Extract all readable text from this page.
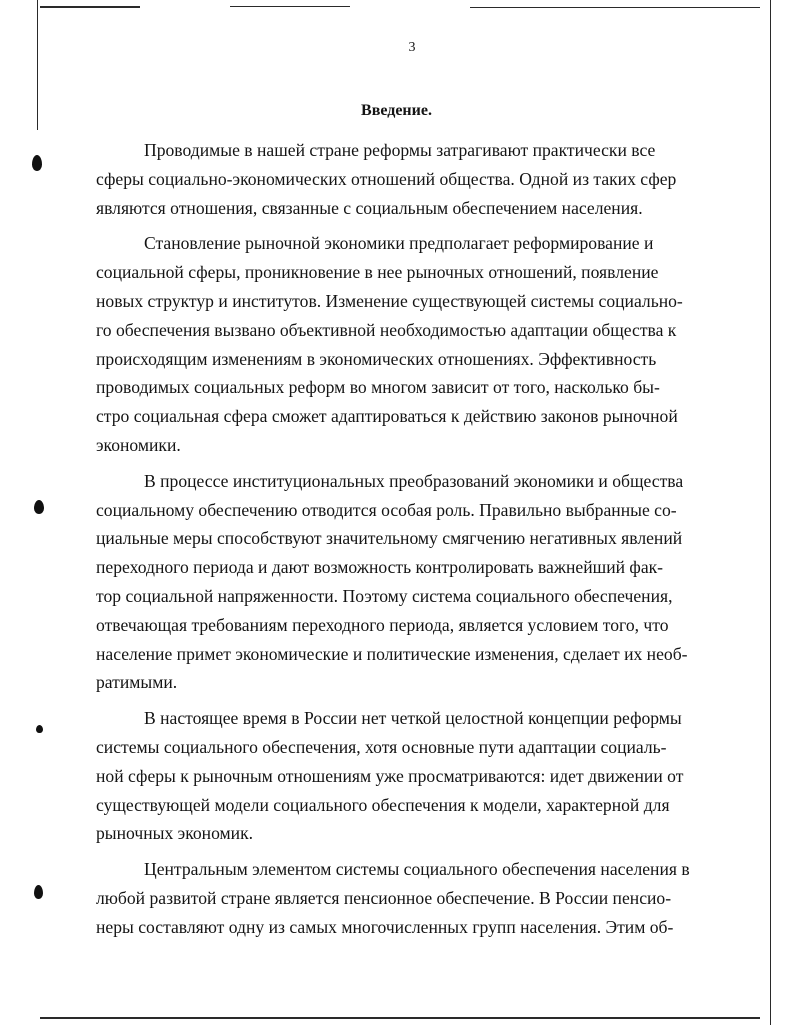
3
Введение.
Проводимые в нашей стране реформы затрагивают практически все
сферы социально-экономических отношений общества. Одной из таких сфер
являются отношения, связанные с социальным обеспечением населения.
Становление рыночной экономики предполагает реформирование и
социальной сферы, проникновение в нее рыночных отношений, появление
новых структур и институтов. Изменение существующей системы социально-
го обеспечения вызвано объективной необходимостью адаптации общества к
происходящим изменениям в экономических отношениях. Эффективность
проводимых социальных реформ во многом зависит от того, насколько бы-
стро социальная сфера сможет адаптироваться к действию законов рыночной
экономики.
В процессе институциональных преобразований экономики и общества
социальному обеспечению отводится особая роль. Правильно выбранные со-
циальные меры способствуют значительному смягчению негативных явлений
переходного периода и дают возможность контролировать важнейший фак-
тор социальной напряженности. Поэтому система социального обеспечения,
отвечающая требованиям переходного периода, является условием того, что
население примет экономические и политические изменения, сделает их необ-
ратимыми.
В настоящее время в России нет четкой целостной концепции реформы
системы социального обеспечения, хотя основные пути адаптации социаль-
ной сферы к рыночным отношениям уже просматриваются: идет движении от
существующей модели социального обеспечения к модели, характерной для
рыночных экономик.
Центральным элементом системы социального обеспечения населения в
любой развитой стране является пенсионное обеспечение. В России пенсио-
неры составляют одну из самых многочисленных групп населения. Этим об-
